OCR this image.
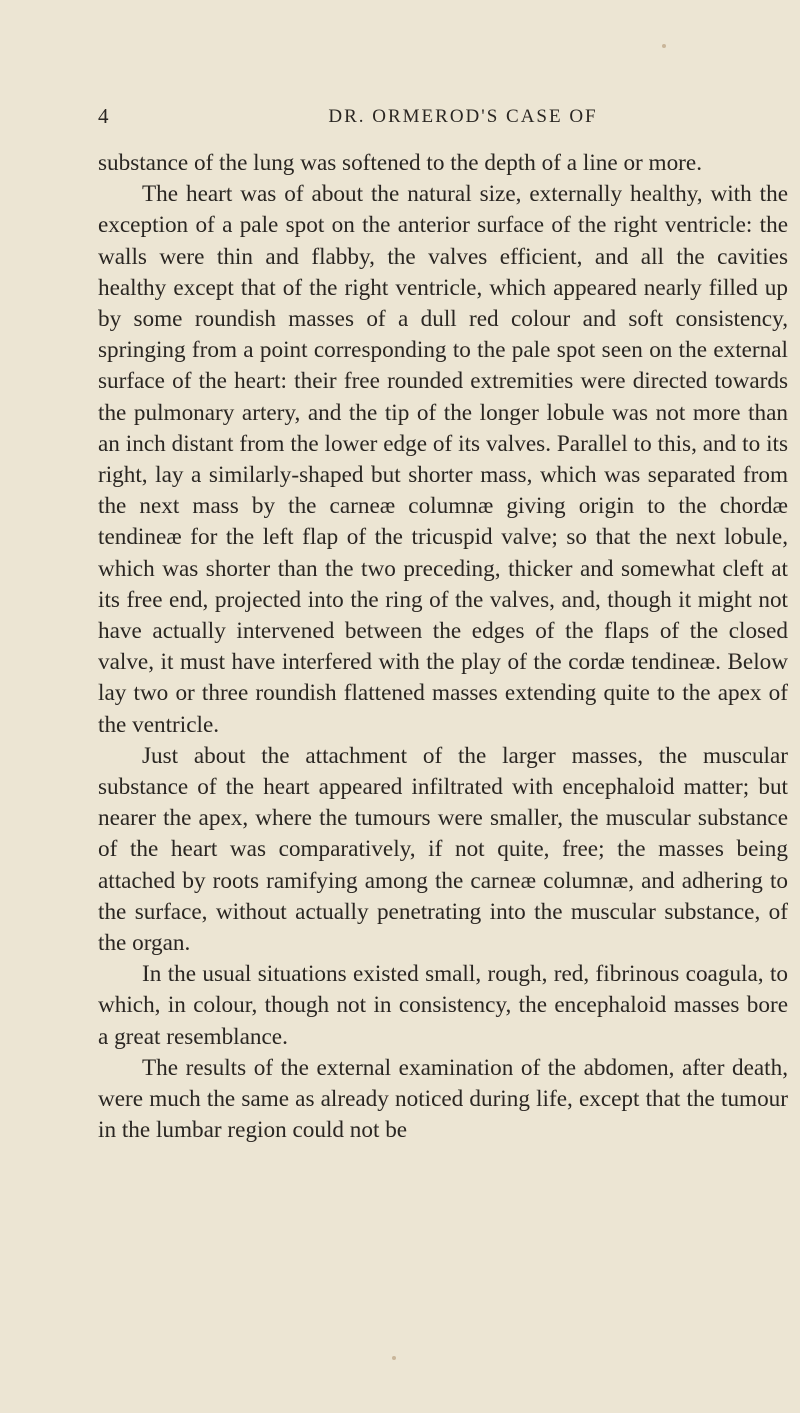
4	DR. ORMEROD'S CASE OF

substance of the lung was softened to the depth of a line or more.

The heart was of about the natural size, externally healthy, with the exception of a pale spot on the anterior surface of the right ventricle: the walls were thin and flabby, the valves efficient, and all the cavities healthy except that of the right ventricle, which appeared nearly filled up by some roundish masses of a dull red colour and soft consistency, springing from a point corresponding to the pale spot seen on the external surface of the heart: their free rounded extremities were directed towards the pulmonary artery, and the tip of the longer lobule was not more than an inch distant from the lower edge of its valves. Parallel to this, and to its right, lay a similarly-shaped but shorter mass, which was separated from the next mass by the carneæ columnæ giving origin to the chordæ tendineæ for the left flap of the tricuspid valve; so that the next lobule, which was shorter than the two preceding, thicker and somewhat cleft at its free end, projected into the ring of the valves, and, though it might not have actually intervened between the edges of the flaps of the closed valve, it must have interfered with the play of the cordæ tendineæ. Below lay two or three roundish flattened masses extending quite to the apex of the ventricle.

Just about the attachment of the larger masses, the muscular substance of the heart appeared infiltrated with encephaloid matter; but nearer the apex, where the tumours were smaller, the muscular substance of the heart was comparatively, if not quite, free; the masses being attached by roots ramifying among the carneæ columnæ, and adhering to the surface, without actually penetrating into the muscular substance, of the organ.

In the usual situations existed small, rough, red, fibrinous coagula, to which, in colour, though not in consistency, the encephaloid masses bore a great resemblance.

The results of the external examination of the abdomen, after death, were much the same as already noticed during life, except that the tumour in the lumbar region could not be
